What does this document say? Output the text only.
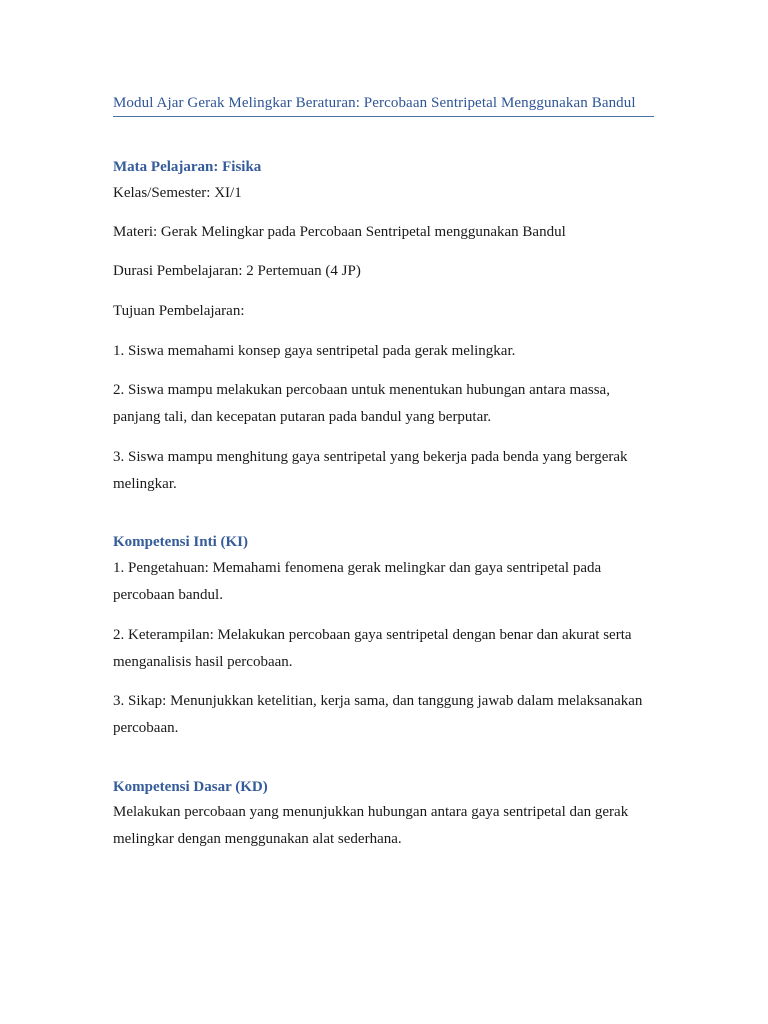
Modul Ajar Gerak Melingkar Beraturan: Percobaan Sentripetal Menggunakan Bandul
Mata Pelajaran: Fisika
Kelas/Semester: XI/1
Materi: Gerak Melingkar pada Percobaan Sentripetal menggunakan Bandul
Durasi Pembelajaran: 2 Pertemuan (4 JP)
Tujuan Pembelajaran:
1. Siswa memahami konsep gaya sentripetal pada gerak melingkar.
2. Siswa mampu melakukan percobaan untuk menentukan hubungan antara massa, panjang tali, dan kecepatan putaran pada bandul yang berputar.
3. Siswa mampu menghitung gaya sentripetal yang bekerja pada benda yang bergerak melingkar.
Kompetensi Inti (KI)
1. Pengetahuan: Memahami fenomena gerak melingkar dan gaya sentripetal pada percobaan bandul.
2. Keterampilan: Melakukan percobaan gaya sentripetal dengan benar dan akurat serta menganalisis hasil percobaan.
3. Sikap: Menunjukkan ketelitian, kerja sama, dan tanggung jawab dalam melaksanakan percobaan.
Kompetensi Dasar (KD)
Melakukan percobaan yang menunjukkan hubungan antara gaya sentripetal dan gerak melingkar dengan menggunakan alat sederhana.
